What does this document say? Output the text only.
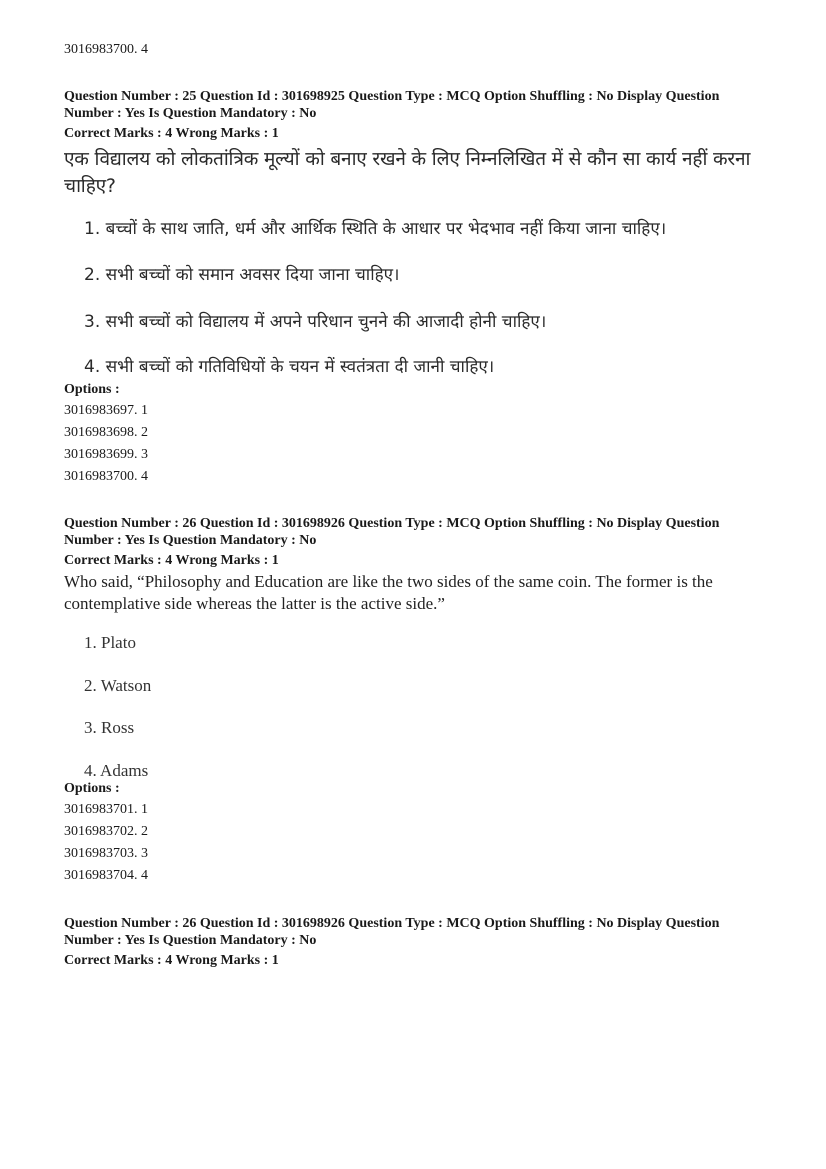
3016983700. 4
Question Number : 25 Question Id : 301698925 Question Type : MCQ Option Shuffling : No Display Question
Number : Yes Is Question Mandatory : No
Correct Marks : 4 Wrong Marks : 1
एक विद्यालय को लोकतांत्रिक मूल्यों को बनाए रखने के लिए निम्नलिखित में से कौन सा कार्य नहीं करना
चाहिए?
1. बच्चों के साथ जाति, धर्म और आर्थिक स्थिति के आधार पर भेदभाव नहीं किया जाना चाहिए।
2. सभी बच्चों को समान अवसर दिया जाना चाहिए।
3. सभी बच्चों को विद्यालय में अपने परिधान चुनने की आजादी होनी चाहिए।
4. सभी बच्चों को गतिविधियों के चयन में स्वतंत्रता दी जानी चाहिए।
Options :
3016983697. 1
3016983698. 2
3016983699. 3
3016983700. 4
Question Number : 26 Question Id : 301698926 Question Type : MCQ Option Shuffling : No Display Question
Number : Yes Is Question Mandatory : No
Correct Marks : 4 Wrong Marks : 1
Who said, “Philosophy and Education are like the two sides of the same coin. The former is the
contemplative side whereas the latter is the active side.”
1. Plato
2. Watson
3. Ross
4. Adams
Options :
3016983701. 1
3016983702. 2
3016983703. 3
3016983704. 4
Question Number : 26 Question Id : 301698926 Question Type : MCQ Option Shuffling : No Display Question
Number : Yes Is Question Mandatory : No
Correct Marks : 4 Wrong Marks : 1
